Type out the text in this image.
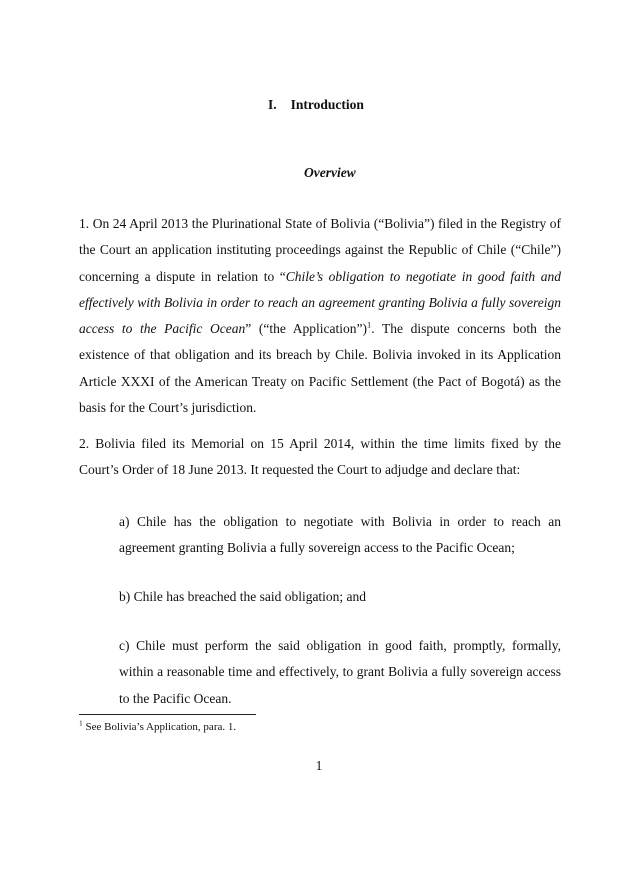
I. Introduction
Overview
1. On 24 April 2013 the Plurinational State of Bolivia (“Bolivia”) filed in the Registry of the Court an application instituting proceedings against the Republic of Chile (“Chile”) concerning a dispute in relation to “Chile’s obligation to negotiate in good faith and effectively with Bolivia in order to reach an agreement granting Bolivia a fully sovereign access to the Pacific Ocean” (“the Application”)$^1$. The dispute concerns both the existence of that obligation and its breach by Chile. Bolivia invoked in its Application Article XXXI of the American Treaty on Pacific Settlement (the Pact of Bogotá) as the basis for the Court’s jurisdiction.
2. Bolivia filed its Memorial on 15 April 2014, within the time limits fixed by the Court’s Order of 18 June 2013. It requested the Court to adjudge and declare that:
a) Chile has the obligation to negotiate with Bolivia in order to reach an agreement granting Bolivia a fully sovereign access to the Pacific Ocean;
b) Chile has breached the said obligation; and
c) Chile must perform the said obligation in good faith, promptly, formally, within a reasonable time and effectively, to grant Bolivia a fully sovereign access to the Pacific Ocean.
$^1$ See Bolivia’s Application, para. 1.
1
